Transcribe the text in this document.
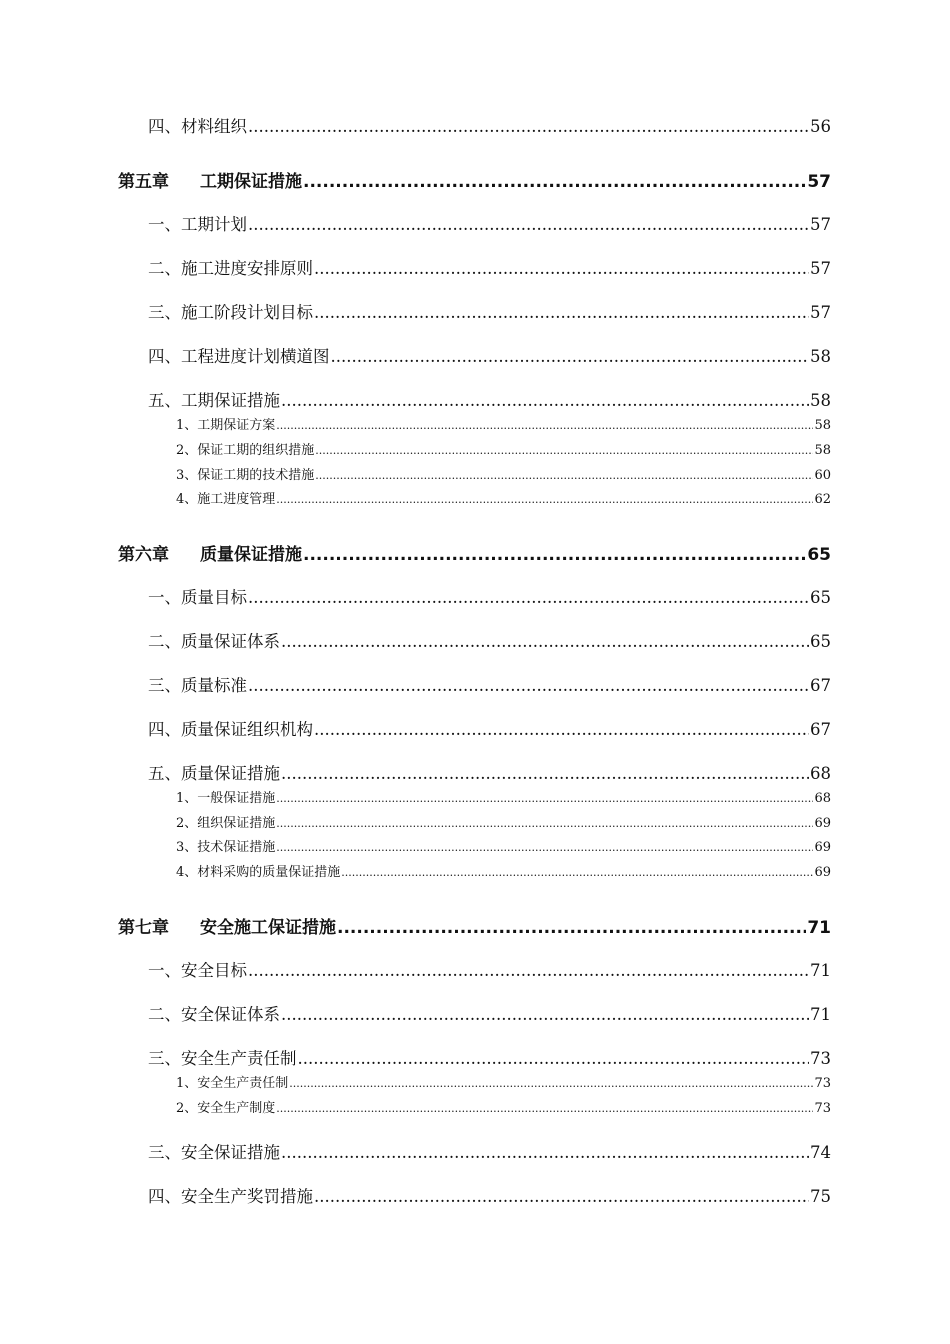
四、材料组织 .....	56
第五章 工期保证措施 .....	57
一、工期计划 .....	57
二、施工进度安排原则 .....	57
三、施工阶段计划目标 .....	57
四、工程进度计划横道图 .....	58
五、工期保证措施 .....	58
1、工期保证方案 .....	58
2、保证工期的组织措施 .....	58
3、保证工期的技术措施 .....	60
4、施工进度管理 .....	62
第六章 质量保证措施 .....	65
一、质量目标 .....	65
二、质量保证体系 .....	65
三、质量标准 .....	67
四、质量保证组织机构 .....	67
五、质量保证措施 .....	68
1、一般保证措施 .....	68
2、组织保证措施 .....	69
3、技术保证措施 .....	69
4、材料采购的质量保证措施 .....	69
第七章 安全施工保证措施 .....	71
一、安全目标 .....	71
二、安全保证体系 .....	71
三、安全生产责任制 .....	73
1、安全生产责任制 .....	73
2、安全生产制度 .....	73
三、安全保证措施 .....	74
四、安全生产奖罚措施 .....	75
